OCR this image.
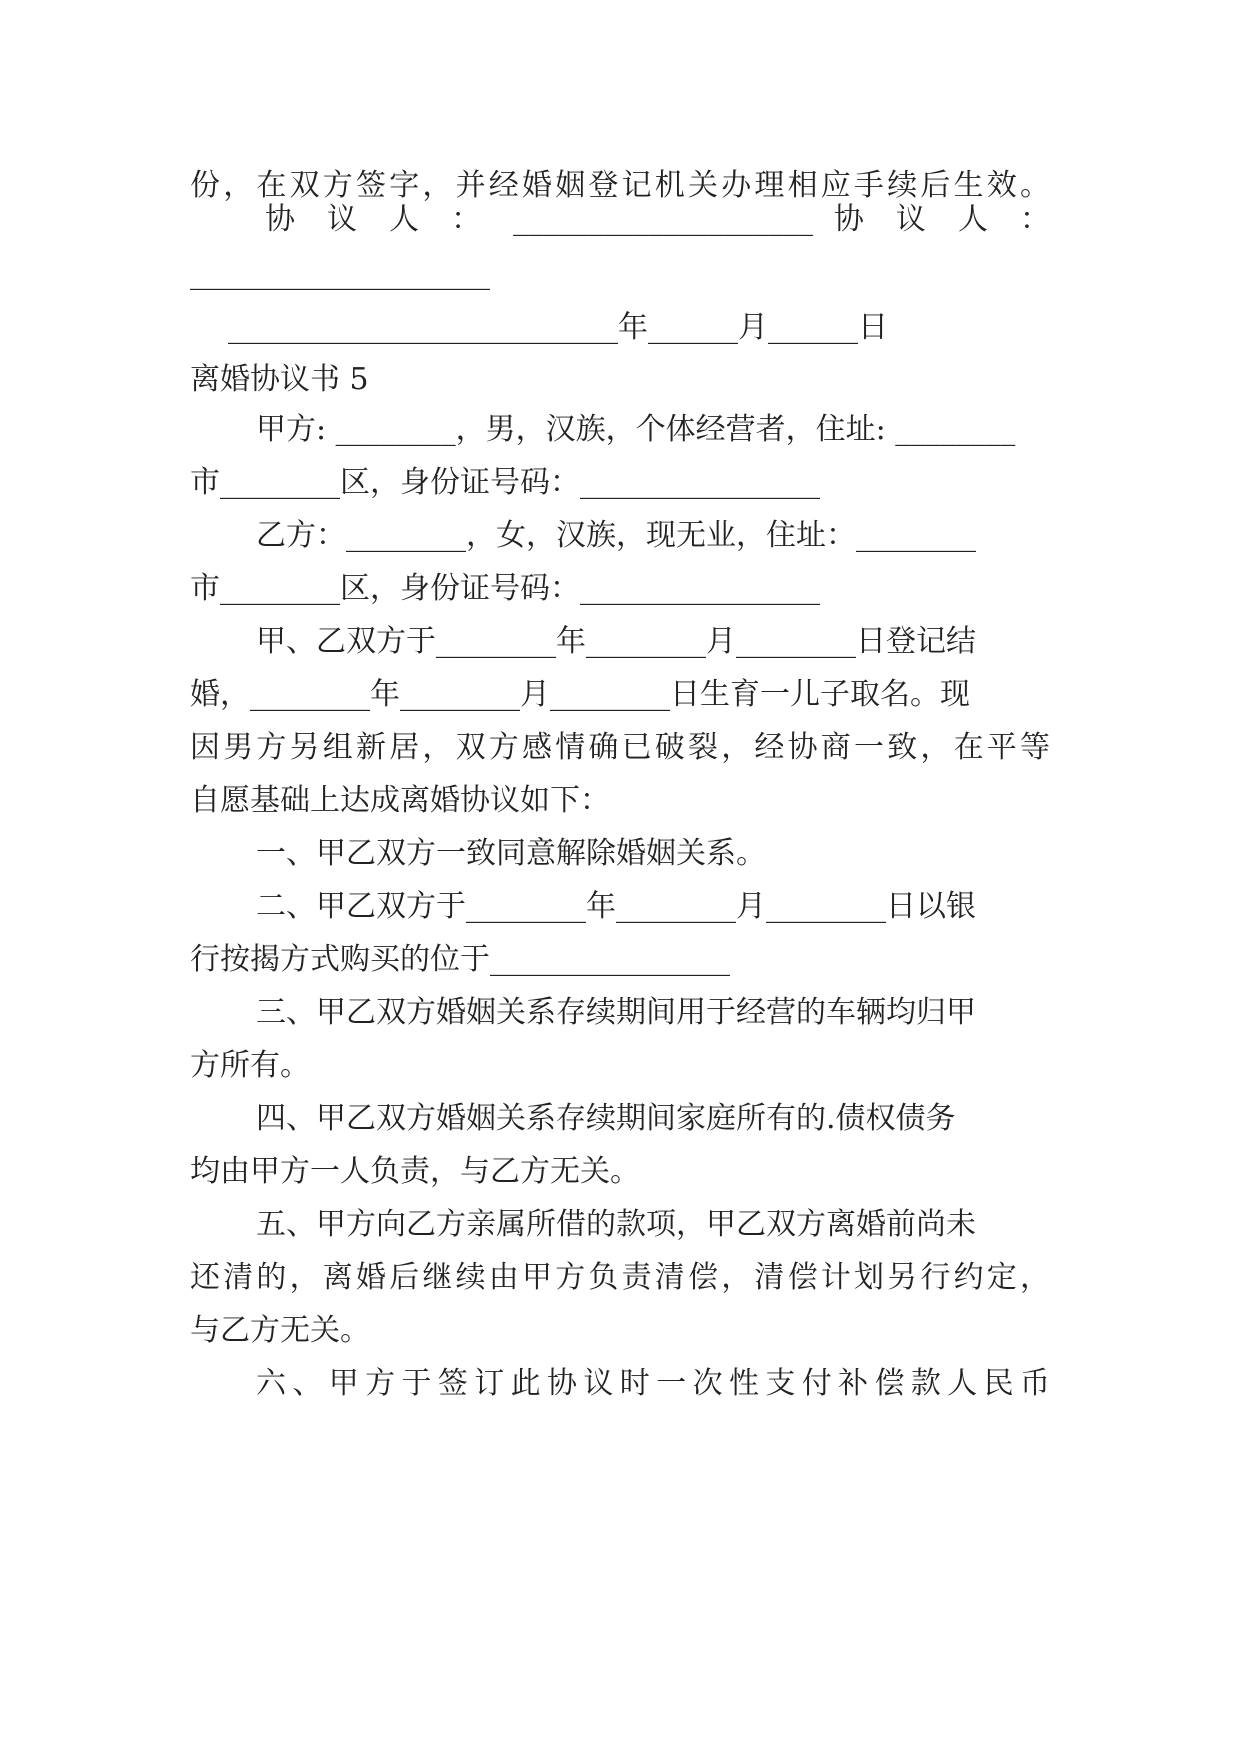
份，在双方签字，并经婚姻登记机关办理相应手续后生效。
协 议 人 ： ____________________ 协 议 人 ：
____________________
__________________________年______月______日
离婚协议书 5
甲方: ________，男，汉族，个体经营者，住址: ________
市________区，身份证号码：________________
乙方：________，女，汉族，现无业，住址：________
市________区，身份证号码：________________
甲、乙双方于________年________月________日登记结
婚，________年________月________日生育一儿子取名。现
因男方另组新居，双方感情确已破裂，经协商一致，在平等
自愿基础上达成离婚协议如下：
一、甲乙双方一致同意解除婚姻关系。
二、甲乙双方于________年________月________日以银
行按揭方式购买的位于________________
三、甲乙双方婚姻关系存续期间用于经营的车辆均归甲
方所有。
四、甲乙双方婚姻关系存续期间家庭所有的.债权债务
均由甲方一人负责，与乙方无关。
五、甲方向乙方亲属所借的款项，甲乙双方离婚前尚未
还清的，离婚后继续由甲方负责清偿，清偿计划另行约定，
与乙方无关。
六、甲方于签订此协议时一次性支付补偿款人民币
